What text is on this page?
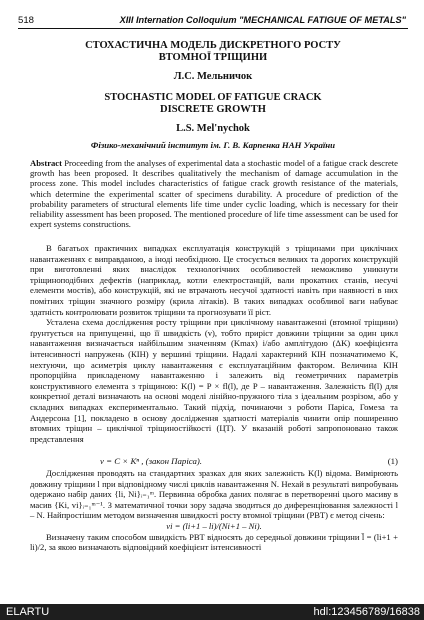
518	XIII Internation Colloquium "MECHANICAL FATIGUE OF METALS"
СТОХАСТИЧНА МОДЕЛЬ ДИСКРЕТНОГО РОСТУ
ВТОМНОЇ ТРІЩИНИ
Л.С. Мельничок
STOCHASTIC MODEL OF FATIGUE CRACK
DISCRETE GROWTH
L.S. Mel'nychok
Фізико-механічний інститут ім. Г. В. Карпенка НАН України
Abstract Proceeding from the analyses of experimental data a stochastic model of a fatigue crack descrete growth has been proposed. It describes qualitatively the mechanism of damage accumulation in the process zone. This model includes characteristics of fatigue crack growth resistance of the materials, which determine the experimental scatter of specimens durability. A procedure of prediction of the probability parameters of structural elements life time under cyclic loading, which is necessary for their reliability assessment has been proposed. The mentioned procedure of life time assessment can be used for expert systems constructions.

В багатьох практичних випадках експлуатація конструкцій з тріщинами при циклічних навантаженнях є виправданою, а іноді необхідною. Це стосується великих та дорогих конструкцій при виготовленні яких внаслідок технологічних особливостей неможливо уникнути тріщиноподібних дефектів (наприклад, котли електростанцій, вали прокатних станів, несучі елементи мостів), або конструкцій, які не втрачають несучої здатності навіть при наявності в них помітних тріщин значного розміру (крила літаків). В таких випадках особливої ваги набуває здатність контролювати розвиток тріщини та прогнозувати її ріст.

Усталена схема дослідження росту тріщини при циклічному навантаженні (втомної тріщини) ґрунтується на припущенні, що її швидкість (v), тобто приріст довжини тріщини за один цикл навантаження визначається найбільшим значенням (Kmax) і/або амплітудою (ΔK) коефіцієнта інтенсивності напружень (КІН) у вершині тріщини. Надалі характерний КІН позначатимемо K, нехтуючи, що асиметрія циклу навантаження є експлуатаційним фактором. Величина КІН пропорційна прикладеному навантаженню і залежить від геометричних параметрів конструктивного елемента з тріщиною: K(l) = P × fl(l), де P – навантаження. Залежність fl(l) для конкретної деталі визначають на основі моделі лінійно-пружного тіла з ідеальним розрізом, або у складних випадках експериментально. Такий підхід, починаючи з роботи Паріса, Гомеза та Андерсона [1], покладено в основу дослідження здатності матеріалів чинити опір поширенню втомних тріщин – циклічної тріщиностійкості (ЦТ). У вказаній роботі запропоновано також представлення

v = C × Kⁿ , (закон Паріса).	(1)

Дослідження проводять на стандартних зразках для яких залежність K(l) відома. Вимірюють довжину тріщини l при відповідному числі циклів навантаження N. Нехай в результаті випробувань одержано набір даних {li, Ni}ᵢ₌₁ᵐ. Первинна обробка даних полягає в перетворенні цього масиву в масив {Ki, vi}ᵢ₌₁ᵐ⁻¹. З математичної точки зору задача зводиться до диференціювання залежності l – N. Найпростішим методом визначення швидкості росту втомної тріщини (РВТ) є метод січень:

vi = (li+1 – li)/(Ni+1 – Ni).

Визначену таким способом швидкість РВТ відносять до середньої довжини тріщини l̄ = (li+1 + li)/2, за якою визначають відповідний коефіцієнт інтенсивності

ELARTU	hdl:123456789/16838
